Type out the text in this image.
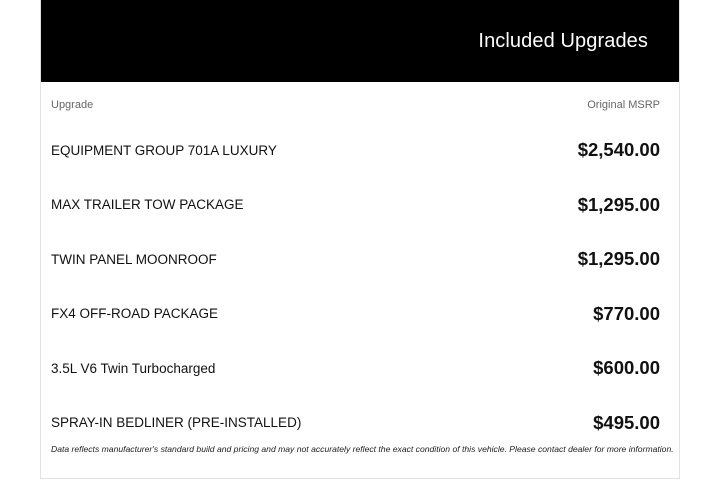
Included Upgrades
Upgrade	Original MSRP
EQUIPMENT GROUP 701A LUXURY	$2,540.00
MAX TRAILER TOW PACKAGE	$1,295.00
TWIN PANEL MOONROOF	$1,295.00
FX4 OFF-ROAD PACKAGE	$770.00
3.5L V6 Twin Turbocharged	$600.00
SPRAY-IN BEDLINER (PRE-INSTALLED)	$495.00
Data reflects manufacturer's standard build and pricing and may not accurately reflect the exact condition of this vehicle. Please contact dealer for more information.
